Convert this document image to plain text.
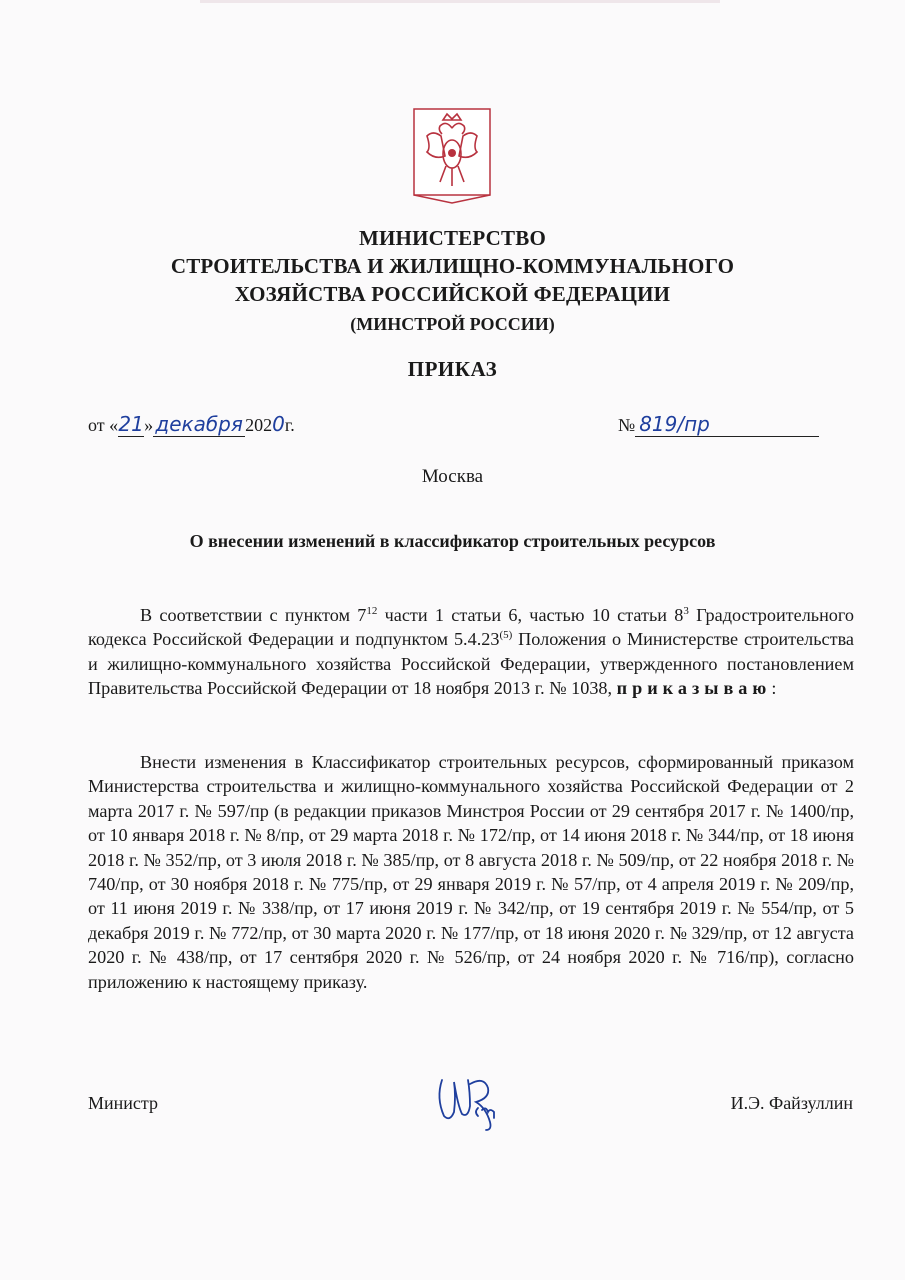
МИНИСТЕРСТВО
СТРОИТЕЛЬСТВА И ЖИЛИЩНО-КОММУНАЛЬНОГО
ХОЗЯЙСТВА РОССИЙСКОЙ ФЕДЕРАЦИИ
(МИНСТРОЙ РОССИИ)
ПРИКАЗ
от «21» декабря 2020г.	№ 819/пр
Москва
О внесении изменений в классификатор строительных ресурсов

В соответствии с пунктом $7^{12}$ части 1 статьи 6, частью 10 статьи $8^3$ Градостроительного кодекса Российской Федерации и подпунктом 5.4.23$^{(5)}$ Положения о Министерстве строительства и жилищно-коммунального хозяйства Российской Федерации, утвержденного постановлением Правительства Российской Федерации от 18 ноября 2013 г. № 1038, приказываю:

Внести изменения в Классификатор строительных ресурсов, сформированный приказом Министерства строительства и жилищно-коммунального хозяйства Российской Федерации от 2 марта 2017 г. № 597/пр (в редакции приказов Минстроя России от 29 сентября 2017 г. № 1400/пр, от 10 января 2018 г. № 8/пр, от 29 марта 2018 г. № 172/пр, от 14 июня 2018 г. № 344/пр, от 18 июня 2018 г. № 352/пр, от 3 июля 2018 г. № 385/пр, от 8 августа 2018 г. № 509/пр, от 22 ноября 2018 г. № 740/пр, от 30 ноября 2018 г. № 775/пр, от 29 января 2019 г. № 57/пр, от 4 апреля 2019 г. № 209/пр, от 11 июня 2019 г. № 338/пр, от 17 июня 2019 г. № 342/пр, от 19 сентября 2019 г. № 554/пр, от 5 декабря 2019 г. № 772/пр, от 30 марта 2020 г. № 177/пр, от 18 июня 2020 г. № 329/пр, от 12 августа 2020 г. № 438/пр, от 17 сентября 2020 г. № 526/пр, от 24 ноября 2020 г. № 716/пр), согласно приложению к настоящему приказу.

Министр	И.Э. Файзуллин
